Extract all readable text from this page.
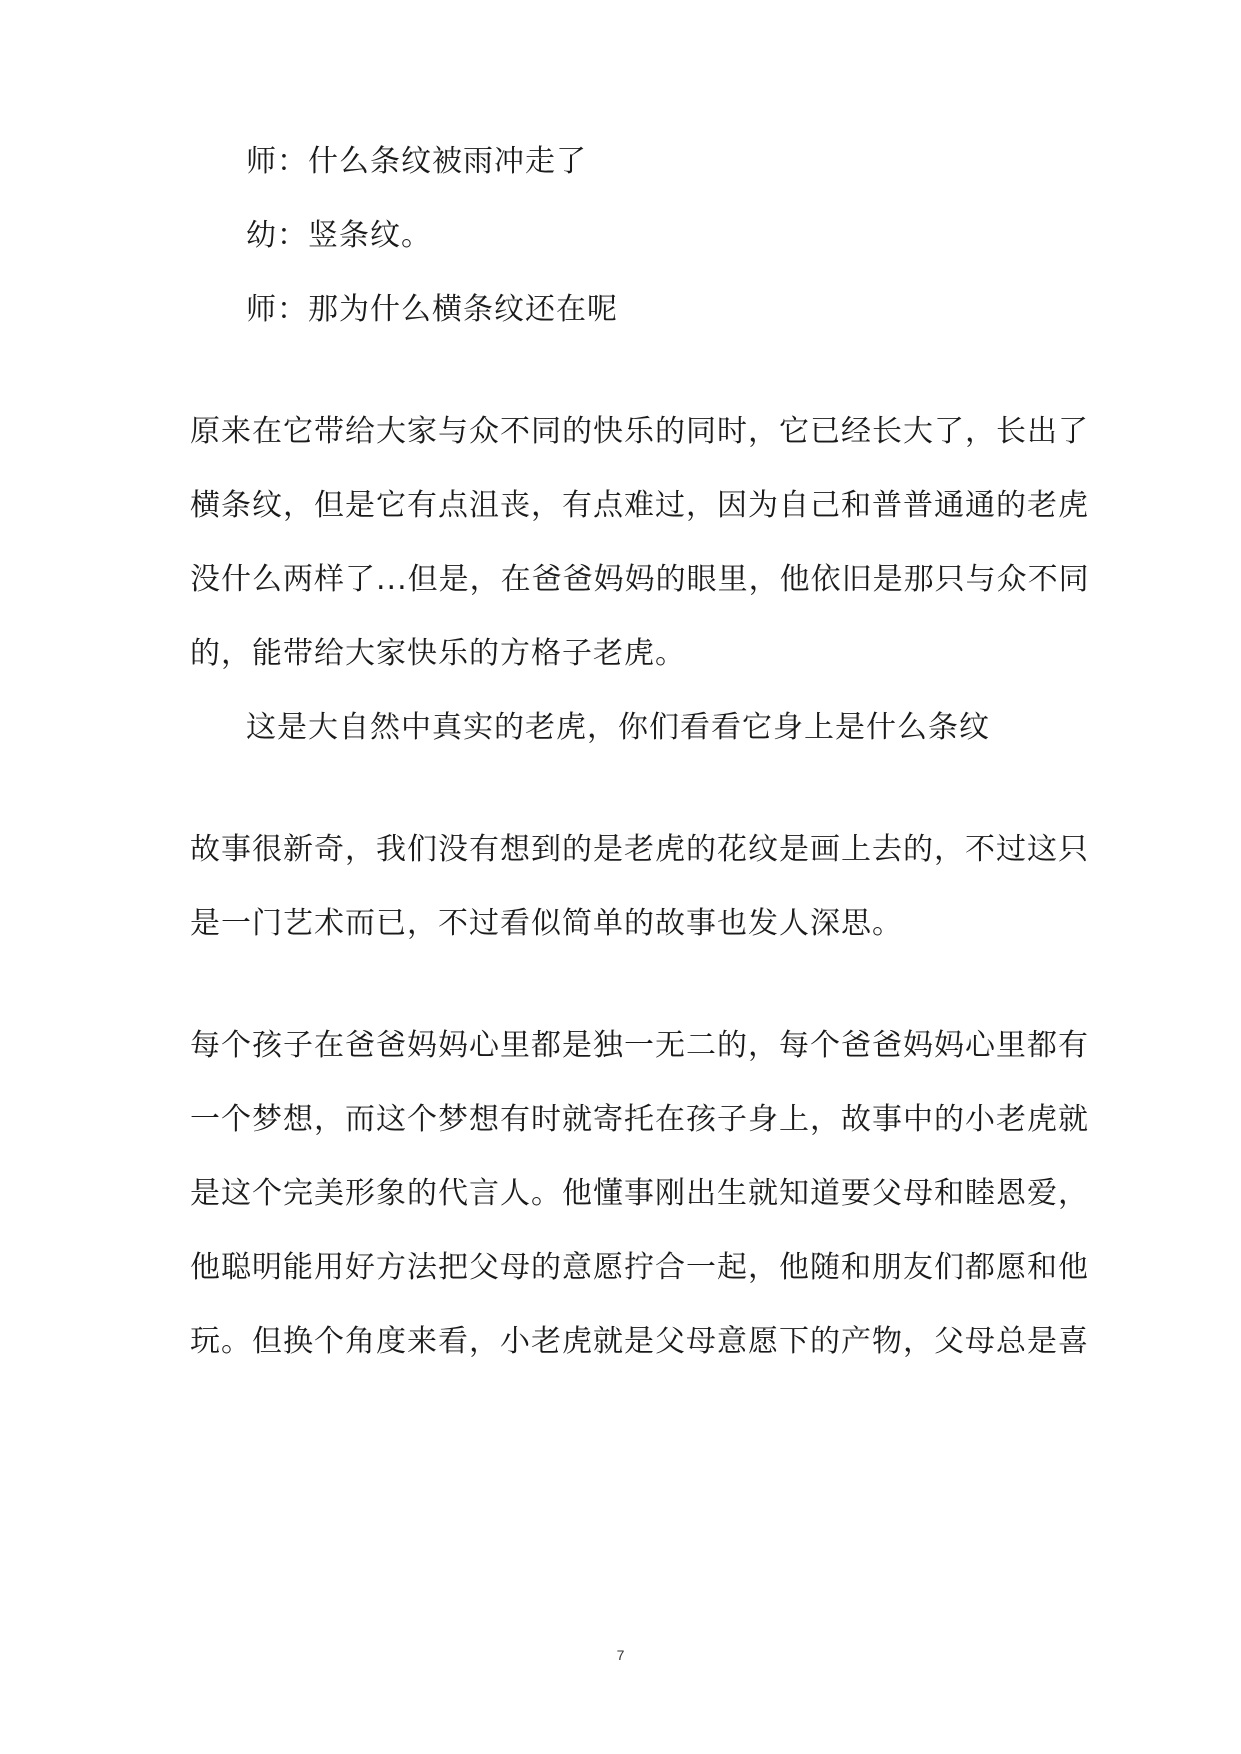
师：什么条纹被雨冲走了
幼：竖条纹。
师：那为什么横条纹还在呢
原来在它带给大家与众不同的快乐的同时，它已经长大了，长出了
横条纹，但是它有点沮丧，有点难过，因为自己和普普通通的老虎
没什么两样了...但是，在爸爸妈妈的眼里，他依旧是那只与众不同
的，能带给大家快乐的方格子老虎。
这是大自然中真实的老虎，你们看看它身上是什么条纹
故事很新奇，我们没有想到的是老虎的花纹是画上去的，不过这只
是一门艺术而已，不过看似简单的故事也发人深思。
每个孩子在爸爸妈妈心里都是独一无二的，每个爸爸妈妈心里都有
一个梦想，而这个梦想有时就寄托在孩子身上，故事中的小老虎就
是这个完美形象的代言人。他懂事刚出生就知道要父母和睦恩爱，
他聪明能用好方法把父母的意愿拧合一起，他随和朋友们都愿和他
玩。但换个角度来看，小老虎就是父母意愿下的产物，父母总是喜
7
